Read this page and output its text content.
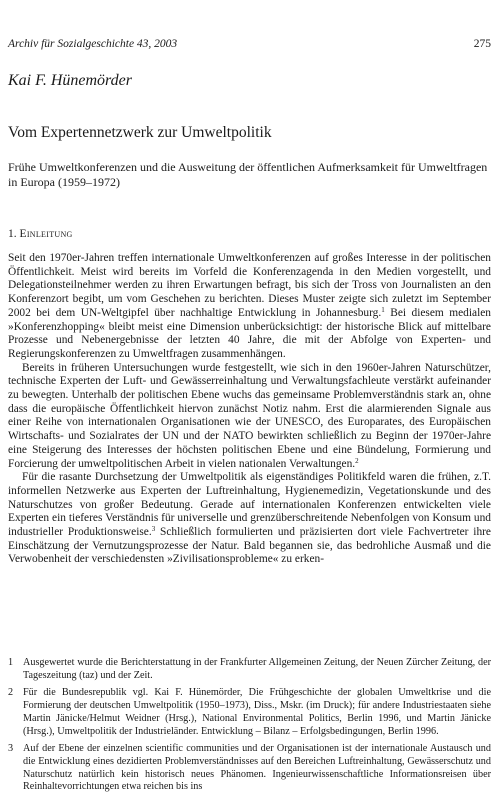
Archiv für Sozialgeschichte 43, 2003	275
Kai F. Hünemörder
Vom Expertennetzwerk zur Umweltpolitik
Frühe Umweltkonferenzen und die Ausweitung der öffentlichen Aufmerksamkeit für Umweltfragen in Europa (1959–1972)
1. Einleitung

Seit den 1970er-Jahren treffen internationale Umweltkonferenzen auf großes Interesse in der politischen Öffentlichkeit. Meist wird bereits im Vorfeld die Konferenzagenda in den Medien vorgestellt, und Delegationsteilnehmer werden zu ihren Erwartungen befragt, bis sich der Tross von Journalisten an den Konferenzort begibt, um vom Geschehen zu berichten. Dieses Muster zeigte sich zuletzt im September 2002 bei dem UN-Weltgipfel über nachhaltige Entwicklung in Johannesburg.$^1$ Bei diesem medialen »Konferenzhopping« bleibt meist eine Dimension unberücksichtigt: der historische Blick auf mittelbare Prozesse und Nebenergebnisse der letzten 40 Jahre, die mit der Abfolge von Experten- und Regierungskonferenzen zu Umweltfragen zusammenhängen.

Bereits in früheren Untersuchungen wurde festgestellt, wie sich in den 1960er-Jahren Naturschützer, technische Experten der Luft- und Gewässerreinhaltung und Verwaltungsfachleute verstärkt aufeinander zu bewegten. Unterhalb der politischen Ebene wuchs das gemeinsame Problemverständnis stark an, ohne dass die europäische Öffentlichkeit hiervon zunächst Notiz nahm. Erst die alarmierenden Signale aus einer Reihe von internationalen Organisationen wie der UNESCO, des Europarates, des Europäischen Wirtschafts- und Sozialrates der UN und der NATO bewirkten schließlich zu Beginn der 1970er-Jahre eine Steigerung des Interesses der höchsten politischen Ebene und eine Bündelung, Formierung und Forcierung der umweltpolitischen Arbeit in vielen nationalen Verwaltungen.$^2$

Für die rasante Durchsetzung der Umweltpolitik als eigenständiges Politikfeld waren die frühen, z.T. informellen Netzwerke aus Experten der Luftreinhaltung, Hygienemedizin, Vegetationskunde und des Naturschutzes von großer Bedeutung. Gerade auf internationalen Konferenzen entwickelten viele Experten ein tieferes Verständnis für universelle und grenzüberschreitende Nebenfolgen von Konsum und industrieller Produktionsweise.$^3$ Schließlich formulierten und präzisierten dort viele Fachvertreter ihre Einschätzung der Vernutzungsprozesse der Natur. Bald begannen sie, das bedrohliche Ausmaß und die Verwobenheit der verschiedensten »Zivilisationsprobleme« zu erken-

1 Ausgewertet wurde die Berichterstattung in der Frankfurter Allgemeinen Zeitung, der Neuen Zürcher Zeitung, der Tageszeitung (taz) und der Zeit.
2 Für die Bundesrepublik vgl. Kai F. Hünemörder, Die Frühgeschichte der globalen Umweltkrise und die Formierung der deutschen Umweltpolitik (1950–1973), Diss., Mskr. (im Druck); für andere Industriestaaten siehe Martin Jänicke/Helmut Weidner (Hrsg.), National Environmental Politics, Berlin 1996, und Martin Jänicke (Hrsg.), Umweltpolitik der Industrieländer. Entwicklung – Bilanz – Erfolgsbedingungen, Berlin 1996.
3 Auf der Ebene der einzelnen scientific communities und der Organisationen ist der internationale Austausch und die Entwicklung eines dezidierten Problemverständnisses auf den Bereichen Luftreinhaltung, Gewässerschutz und Naturschutz natürlich kein historisch neues Phänomen. Ingenieurwissenschaftliche Informationsreisen über Reinhaltevorrichtungen etwa reichen bis ins
